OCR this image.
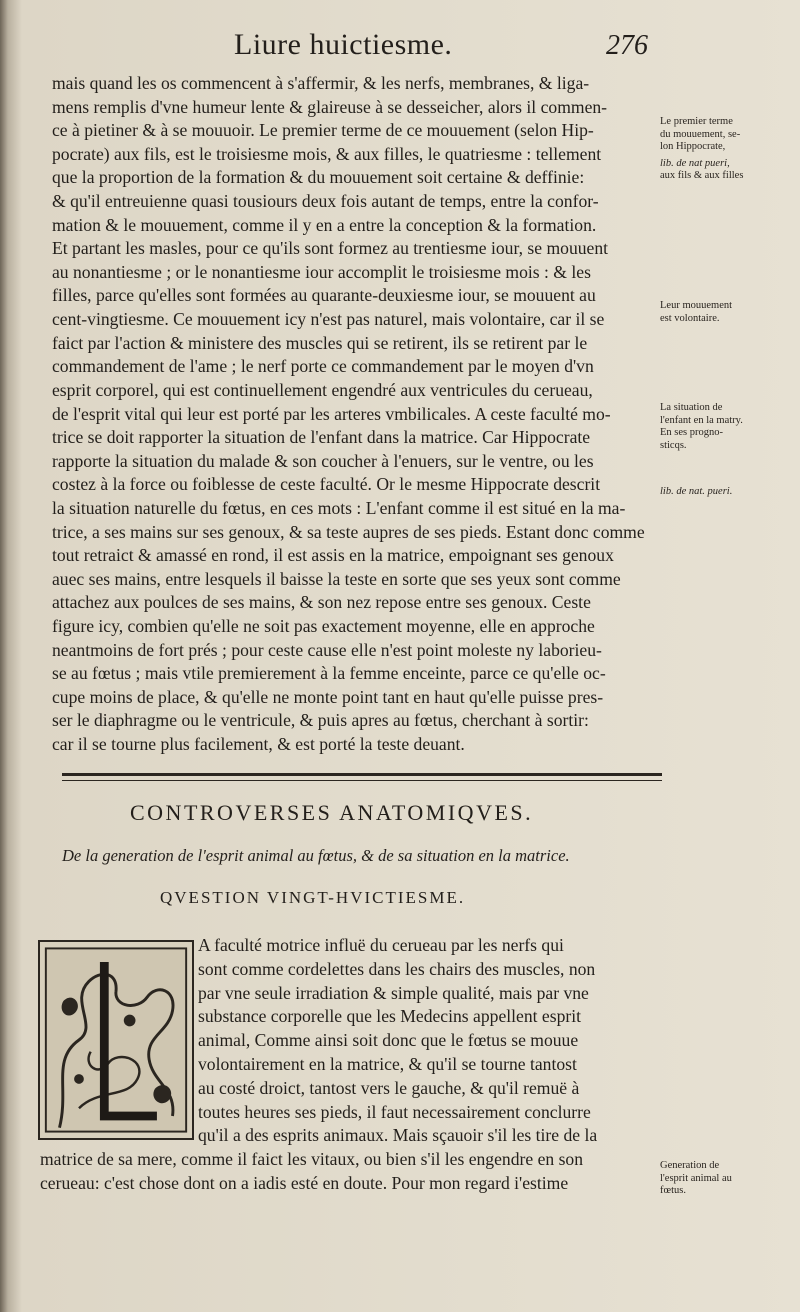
Liure huictiesme.	276
mais quand les os commencent à s'affermir, & les nerfs, membranes, & liga-
mens remplis d'vne humeur lente & glaireuse à se desseicher, alors il commen-
ce à pietiner & à se mouuoir. Le premier terme de ce mouuement (selon Hip-
pocrate) aux fils, est le troisiesme mois, & aux filles, le quatriesme : tellement
que la proportion de la formation & du mouuement soit certaine & deffinie:
& qu'il entreuienne quasi tousiours deux fois autant de temps, entre la confor-
mation & le mouuement, comme il y en a entre la conception & la formation.
Et partant les masles, pour ce qu'ils sont formez au trentiesme iour, se mouuent
au nonantiesme ; or le nonantiesme iour accomplit le troisiesme mois : & les
filles, parce qu'elles sont formées au quarante-deuxiesme iour, se mouuent au
cent-vingtiesme. Ce mouuement icy n'est pas naturel, mais volontaire, car il se
faict par l'action & ministere des muscles qui se retirent, ils se retirent par le
commandement de l'ame ; le nerf porte ce commandement par le moyen d'vn
esprit corporel, qui est continuellement engendré aux ventricules du cerueau,
de l'esprit vital qui leur est porté par les arteres vmbilicales. A ceste faculté mo-
trice se doit rapporter la situation de l'enfant dans la matrice. Car Hippocrate
rapporte la situation du malade & son coucher à l'enuers, sur le ventre, ou les
costez à la force ou foiblesse de ceste faculté. Or le mesme Hippocrate descrit
la situation naturelle du fœtus, en ces mots : L'enfant comme il est situé en la ma-
trice, a ses mains sur ses genoux, & sa teste aupres de ses pieds. Estant donc comme
tout retraict & amassé en rond, il est assis en la matrice, empoignant ses genoux
auec ses mains, entre lesquels il baisse la teste en sorte que ses yeux sont comme
attachez aux poulces de ses mains, & son nez repose entre ses genoux. Ceste
figure icy, combien qu'elle ne soit pas exactement moyenne, elle en approche
neantmoins de fort prés ; pour ceste cause elle n'est point moleste ny laborieu-
se au fœtus ; mais vtile premierement à la femme enceinte, parce ce qu'elle oc-
cupe moins de place, & qu'elle ne monte point tant en haut qu'elle puisse pres-
ser le diaphragme ou le ventricule, & puis apres au fœtus, cherchant à sortir:
car il se tourne plus facilement, & est porté la teste deuant.
Le premier terme
du mouuement, se-
lon Hippocrate,
lib. de nat pueri,
aux fils & aux filles
Leur mouuement
est volontaire.
La situation de
l'enfant en la matry.
En ses progno-
sticqs.
lib. de nat. pueri.
Generation de
l'esprit animal au
fœtus.
CONTROVERSES ANATOMIQVES.
De la generation de l'esprit animal au fœtus, & de sa situation en la matrice.
QVESTION VINGT-HVICTIESME.
A faculté motrice influë du cerueau par les nerfs qui
sont comme cordelettes dans les chairs des muscles, non
par vne seule irradiation & simple qualité, mais par vne
substance corporelle que les Medecins appellent esprit
animal, Comme ainsi soit donc que le fœtus se mouue
volontairement en la matrice, & qu'il se tourne tantost
au costé droict, tantost vers le gauche, & qu'il remuë à
toutes heures ses pieds, il faut necessairement conclurre
qu'il a des esprits animaux. Mais sçauoir s'il les tire de la
matrice de sa mere, comme il faict les vitaux, ou bien s'il les engendre en son
cerueau: c'est chose dont on a iadis esté en doute. Pour mon regard i'estime
